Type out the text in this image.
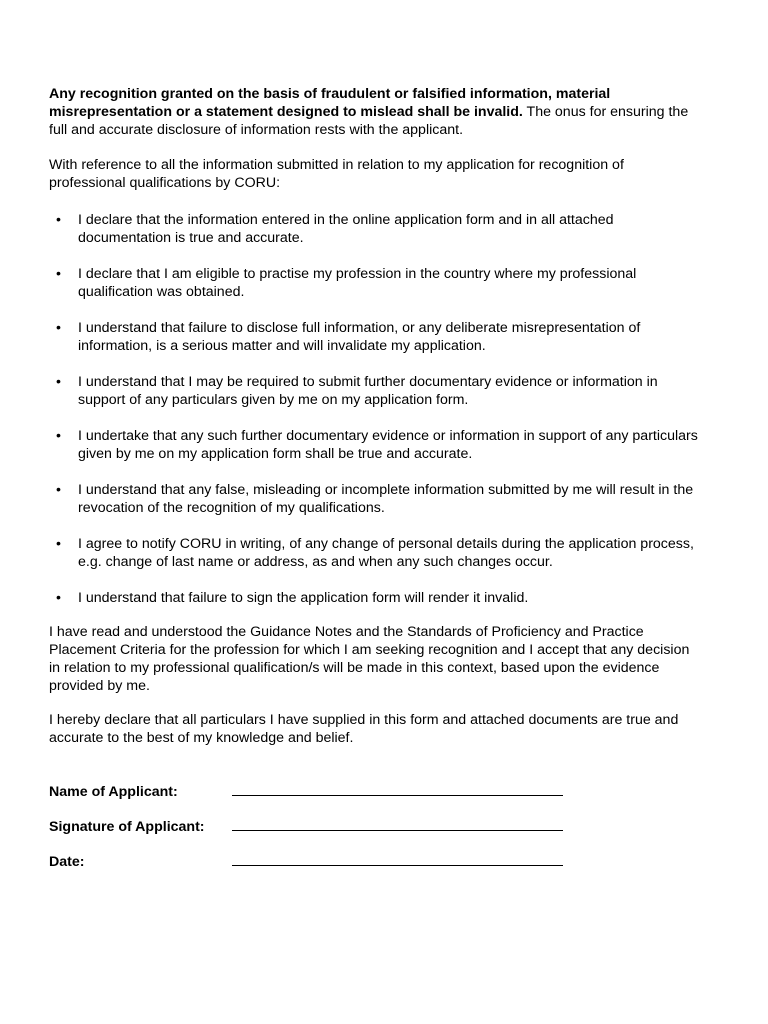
Any recognition granted on the basis of fraudulent or falsified information, material misrepresentation or a statement designed to mislead shall be invalid. The onus for ensuring the full and accurate disclosure of information rests with the applicant.

With reference to all the information submitted in relation to my application for recognition of professional qualifications by CORU:

• I declare that the information entered in the online application form and in all attached documentation is true and accurate.
• I declare that I am eligible to practise my profession in the country where my professional qualification was obtained.
• I understand that failure to disclose full information, or any deliberate misrepresentation of information, is a serious matter and will invalidate my application.
• I understand that I may be required to submit further documentary evidence or information in support of any particulars given by me on my application form.
• I undertake that any such further documentary evidence or information in support of any particulars given by me on my application form shall be true and accurate.
• I understand that any false, misleading or incomplete information submitted by me will result in the revocation of the recognition of my qualifications.
• I agree to notify CORU in writing, of any change of personal details during the application process, e.g. change of last name or address, as and when any such changes occur.
• I understand that failure to sign the application form will render it invalid.

I have read and understood the Guidance Notes and the Standards of Proficiency and Practice Placement Criteria for the profession for which I am seeking recognition and I accept that any decision in relation to my professional qualification/s will be made in this context, based upon the evidence provided by me.

I hereby declare that all particulars I have supplied in this form and attached documents are true and accurate to the best of my knowledge and belief.

Name of Applicant:
Signature of Applicant:
Date:
